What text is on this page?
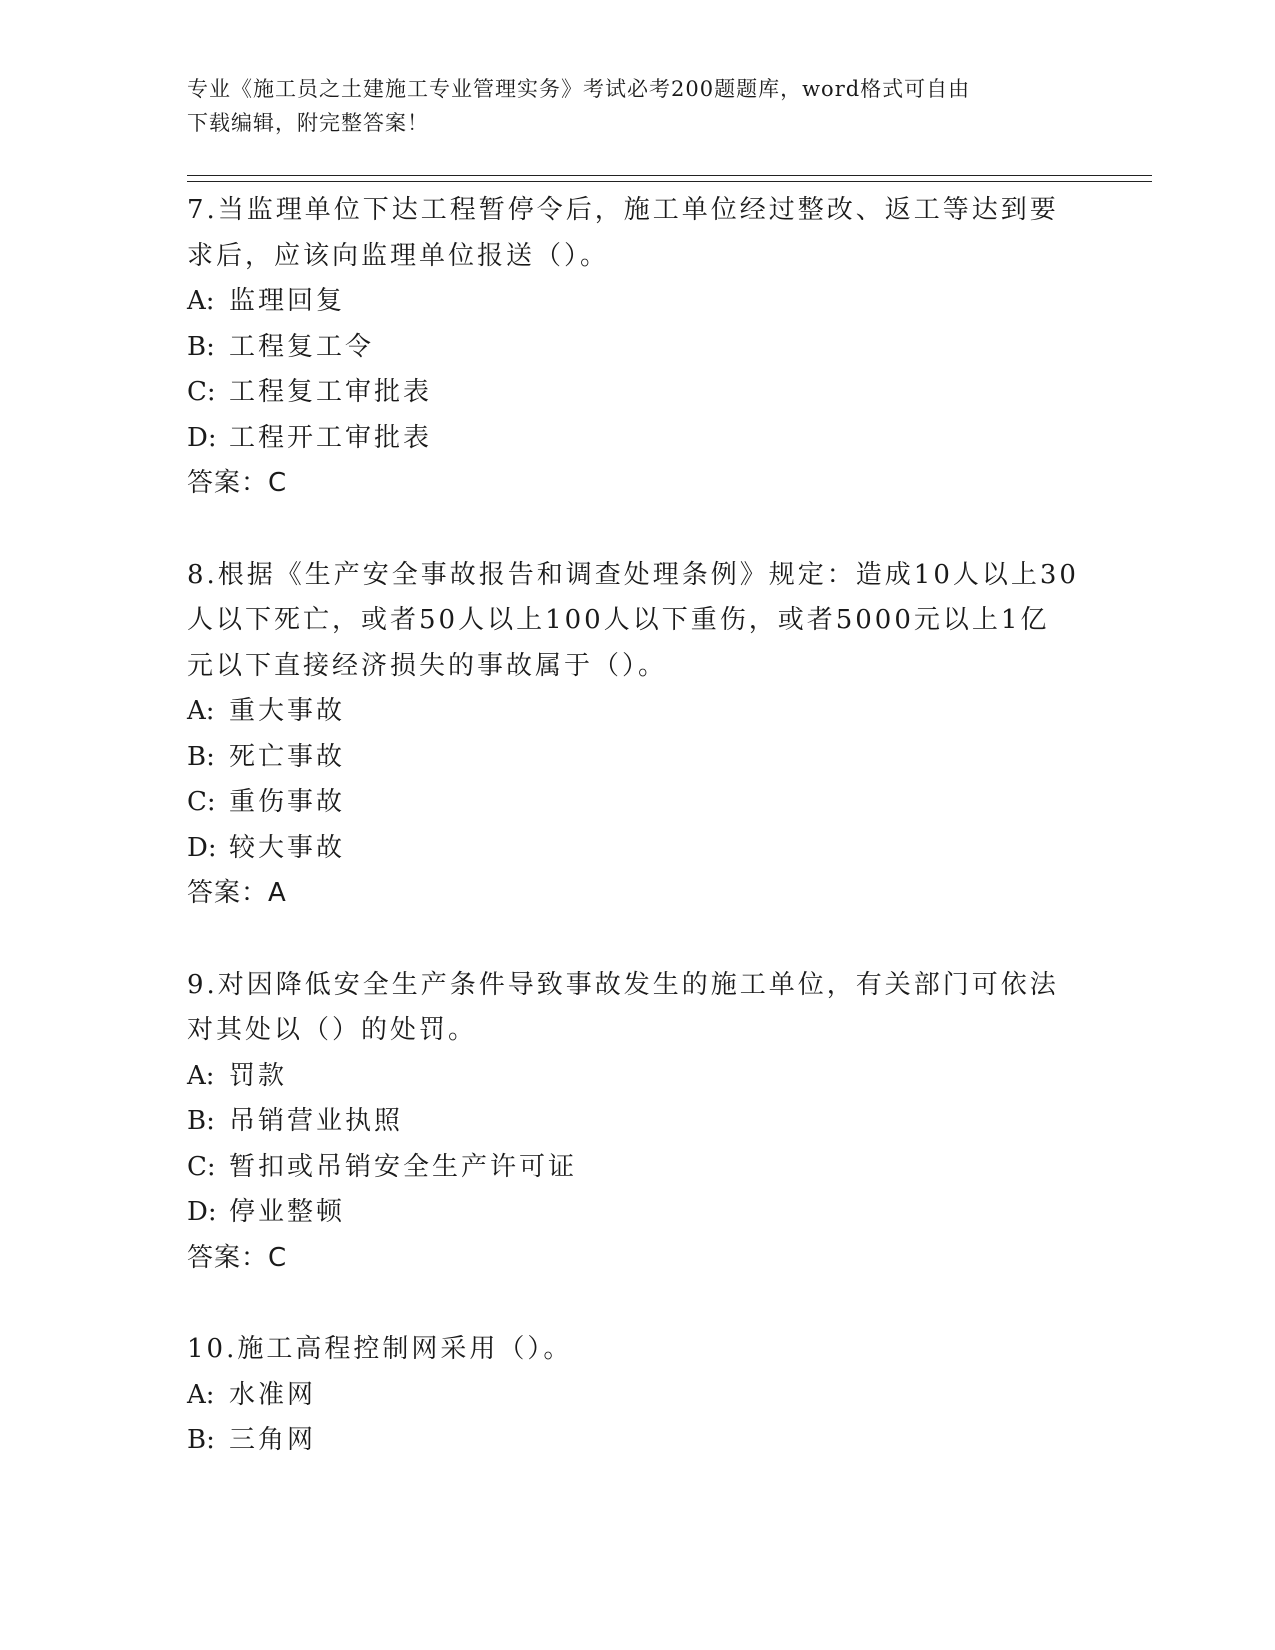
专业《施工员之土建施工专业管理实务》考试必考200题题库，word格式可自由
下载编辑，附完整答案！
7.当监理单位下达工程暂停令后，施工单位经过整改、返工等达到要
求后，应该向监理单位报送（）。
A: 监理回复
B: 工程复工令
C: 工程复工审批表
D: 工程开工审批表
答案：C
8.根据《生产安全事故报告和调查处理条例》规定：造成10人以上30
人以下死亡，或者50人以上100人以下重伤，或者5000元以上1亿
元以下直接经济损失的事故属于（）。
A: 重大事故
B: 死亡事故
C: 重伤事故
D: 较大事故
答案：A
9.对因降低安全生产条件导致事故发生的施工单位，有关部门可依法
对其处以（）的处罚。
A: 罚款
B: 吊销营业执照
C: 暂扣或吊销安全生产许可证
D: 停业整顿
答案：C
10.施工高程控制网采用（）。
A: 水准网
B: 三角网
